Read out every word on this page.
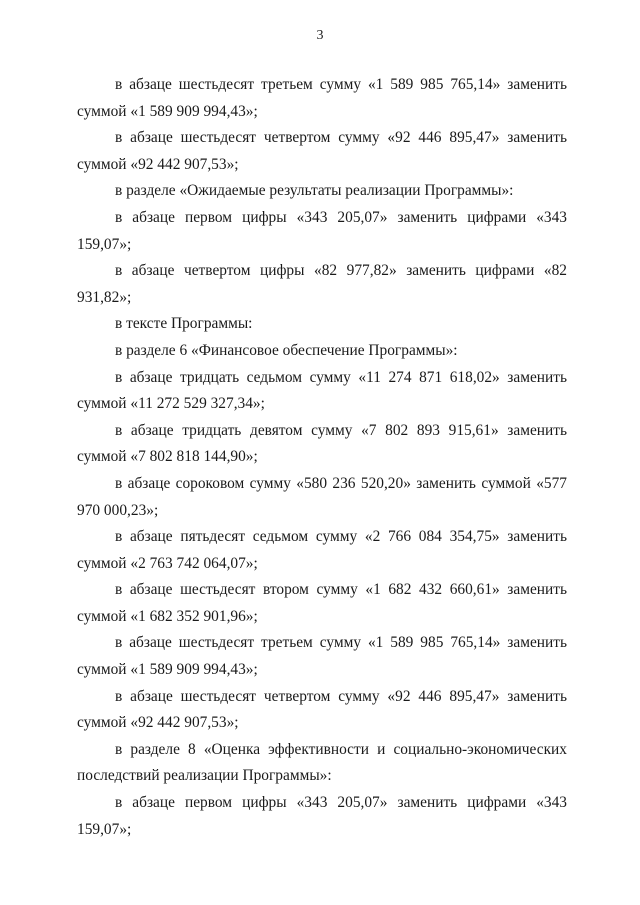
3

в абзаце шестьдесят третьем сумму «1 589 985 765,14» заменить суммой «1 589 909 994,43»;

в абзаце шестьдесят четвертом сумму «92 446 895,47» заменить суммой «92 442 907,53»;

в разделе «Ожидаемые результаты реализации Программы»:

в абзаце первом цифры «343 205,07» заменить цифрами «343 159,07»;

в абзаце четвертом цифры «82 977,82» заменить цифрами «82 931,82»;

в тексте Программы:

в разделе 6 «Финансовое обеспечение Программы»:

в абзаце тридцать седьмом сумму «11 274 871 618,02» заменить суммой «11 272 529 327,34»;

в абзаце тридцать девятом сумму «7 802 893 915,61» заменить суммой «7 802 818 144,90»;

в абзаце сороковом сумму «580 236 520,20» заменить суммой «577 970 000,23»;

в абзаце пятьдесят седьмом сумму «2 766 084 354,75» заменить суммой «2 763 742 064,07»;

в абзаце шестьдесят втором сумму «1 682 432 660,61» заменить суммой «1 682 352 901,96»;

в абзаце шестьдесят третьем сумму «1 589 985 765,14» заменить суммой «1 589 909 994,43»;

в абзаце шестьдесят четвертом сумму «92 446 895,47» заменить суммой «92 442 907,53»;

в разделе 8 «Оценка эффективности и социально-экономических последствий реализации Программы»:

в абзаце первом цифры «343 205,07» заменить цифрами «343 159,07»;
